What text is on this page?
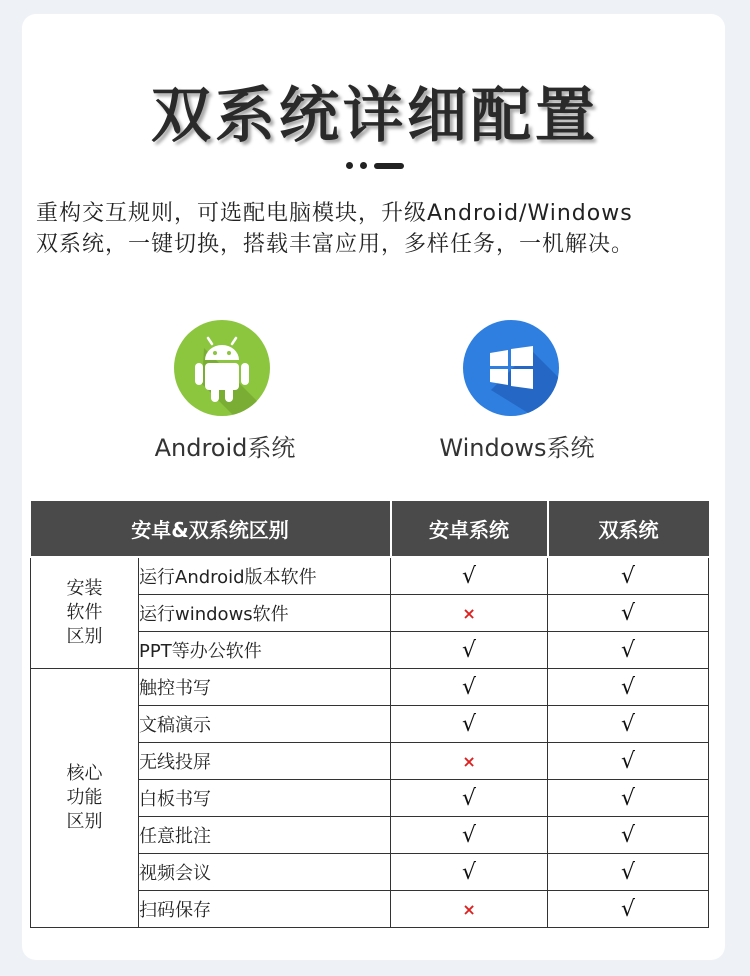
双系统详细配置
重构交互规则，可选配电脑模块，升级Android/Windows
双系统，一键切换，搭载丰富应用，多样任务，一机解决。
Android系统	Windows系统
安卓&双系统区别		安卓系统	双系统

安装
软件
区别	运行Android版本软件	√	√
	运行windows软件	×	√
	PPT等办公软件	√	√

核心
功能
区别	触控书写	√	√
	文稿演示	√	√
	无线投屏	×	√
	白板书写	√	√
	任意批注	√	√
	视频会议	√	√
	扫码保存	×	√
